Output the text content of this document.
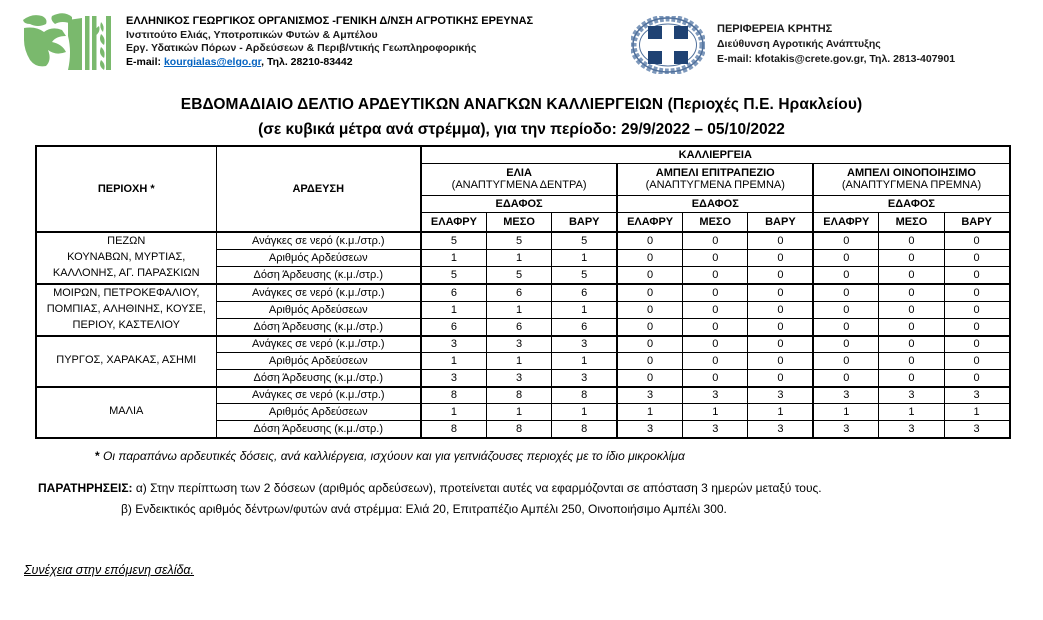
ΕΛΛΗΝΙΚΟΣ ΓΕΩΡΓΙΚΟΣ ΟΡΓΑΝΙΣΜΟΣ -ΓΕΝΙΚΗ Δ/ΝΣΗ ΑΓΡΟΤΙΚΗΣ ΕΡΕΥΝΑΣ
Ινστιτούτο Ελιάς, Υποτροπικών Φυτών & Αμπέλου
Εργ. Υδατικών Πόρων - Αρδεύσεων & Περιβ/ντικής Γεωπληροφορικής
E-mail: kourgialas@elgo.gr, Τηλ. 28210-83442
ΠΕΡΙΦΕΡΕΙΑ ΚΡΗΤΗΣ
Διεύθυνση Αγροτικής Ανάπτυξης
E-mail: kfotakis@crete.gov.gr, Τηλ. 2813-407901
ΕΒΔΟΜΑΔΙΑΙΟ ΔΕΛΤΙΟ ΑΡΔΕΥΤΙΚΩΝ ΑΝΑΓΚΩΝ ΚΑΛΛΙΕΡΓΕΙΩΝ (Περιοχές Π.Ε. Ηρακλείου)
(σε κυβικά μέτρα ανά στρέμμα), για την περίοδο: 29/9/2022 – 05/10/2022
ΠΕΡΙΟΧΗ *	ΑΡΔΕΥΣΗ	ΚΑΛΛΙΕΡΓΕΙΑ								

ΕΛΙΑ
(ΑΝΑΠΤΥΓΜΕΝΑ ΔΕΝΤΡΑ)

ΑΜΠΕΛΙ ΕΠΙΤΡΑΠΕΖΙΟ
(ΑΝΑΠΤΥΓΜΕΝΑ ΠΡΕΜΝΑ)

ΑΜΠΕΛΙ ΟΙΝΟΠΟΙΗΣΙΜΟ
(ΑΝΑΠΤΥΓΜΕΝΑ ΠΡΕΜΝΑ)

		ΕΔΑΦΟΣ			ΕΔΑΦΟΣ			ΕΔΑΦΟΣ		
		ΕΛΑΦΡΥ	ΜΕΣΟ	ΒΑΡΥ	ΕΛΑΦΡΥ	ΜΕΣΟ	ΒΑΡΥ	ΕΛΑΦΡΥ	ΜΕΣΟ	ΒΑΡΥ

ΠΕΖΩΝ
ΚΟΥΝΑΒΩΝ, ΜΥΡΤΙΑΣ,
ΚΑΛΛΟΝΗΣ, ΑΓ. ΠΑΡΑΣΚΙΩΝ	Ανάγκες σε νερό (κ.μ./στρ.)	5	5	5	0	0	0	0	0	0
	Αριθμός Αρδεύσεων	1	1	1	0	0	0	0	0	0
	Δόση Άρδευσης (κ.μ./στρ.)	5	5	5	0	0	0	0	0	0

ΜΟΙΡΩΝ, ΠΕΤΡΟΚΕΦΑΛΙΟΥ,
ΠΟΜΠΙΑΣ, ΑΛΗΘΙΝΗΣ, ΚΟΥΣΕ,
ΠΕΡΙΟΥ, ΚΑΣΤΕΛΙΟΥ	Ανάγκες σε νερό (κ.μ./στρ.)	6	6	6	0	0	0	0	0	0
	Αριθμός Αρδεύσεων	1	1	1	0	0	0	0	0	0
	Δόση Άρδευσης (κ.μ./στρ.)	6	6	6	0	0	0	0	0	0

ΠΥΡΓΟΣ, ΧΑΡΑΚΑΣ, ΑΣΗΜΙ	Ανάγκες σε νερό (κ.μ./στρ.)	3	3	3	0	0	0	0	0	0
	Αριθμός Αρδεύσεων	1	1	1	0	0	0	0	0	0
	Δόση Άρδευσης (κ.μ./στρ.)	3	3	3	0	0	0	0	0	0

ΜΑΛΙΑ	Ανάγκες σε νερό (κ.μ./στρ.)	8	8	8	3	3	3	3	3	3
	Αριθμός Αρδεύσεων	1	1	1	1	1	1	1	1	1
	Δόση Άρδευσης (κ.μ./στρ.)	8	8	8	3	3	3	3	3	3
* Οι παραπάνω αρδευτικές δόσεις, ανά καλλιέργεια, ισχύουν και για γειτνιάζουσες περιοχές με το ίδιο μικροκλίμα
ΠΑΡΑΤΗΡΗΣΕΙΣ: α) Στην περίπτωση των 2 δόσεων (αριθμός αρδεύσεων), προτείνεται αυτές να εφαρμόζονται σε απόσταση 3 ημερών μεταξύ τους.
β) Ενδεικτικός αριθμός δέντρων/φυτών ανά στρέμμα: Ελιά 20, Επιτραπέζιο Αμπέλι 250, Οινοποιήσιμο Αμπέλι 300.
Συνέχεια στην επόμενη σελίδα.
